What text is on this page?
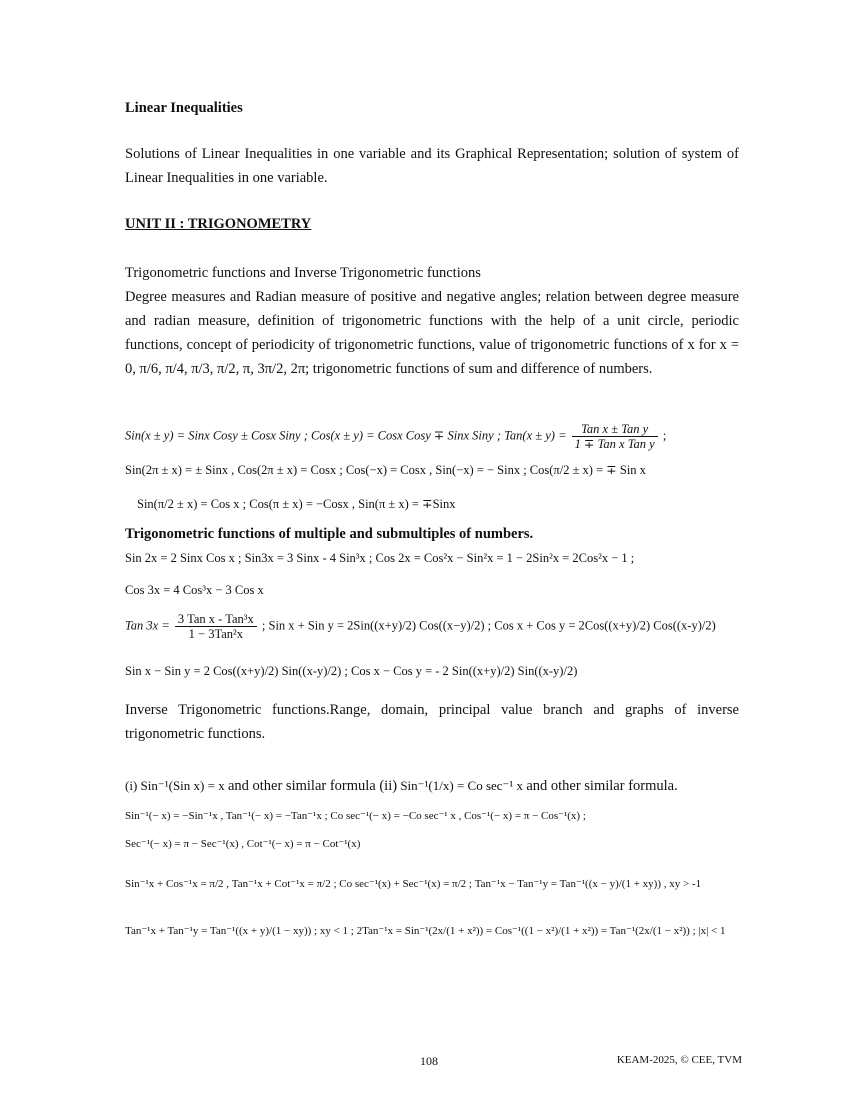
Linear Inequalities
Solutions of Linear Inequalities in one variable and its Graphical Representation; solution of system of Linear Inequalities in one variable.
UNIT II : TRIGONOMETRY
Trigonometric functions and Inverse Trigonometric functions
Degree measures and Radian measure of positive and negative angles; relation between degree measure and radian measure, definition of trigonometric functions with the help of a unit circle, periodic functions, concept of periodicity of trigonometric functions, value of trigonometric functions of x for x = 0, π/6, π/4, π/3, π/2, π, 3π/2, 2π; trigonometric functions of sum and difference of numbers.
Sin(x ± y) = Sinx Cosy ± Cosx Siny ; Cos(x ± y) = Cosx Cosy ∓ Sinx Siny ; $Tan(x \pm y) = \frac{\text{Tan x ± Tan y}}{\text{1 ∓ Tan x Tan y}}$ ;
Sin(2π ± x) = ± Sinx , Cos(2π ± x) = Cosx ; Cos(−x) = Cosx , Sin(−x) = − Sinx ; Cos(π/2 ± x) = ∓ Sin x
Sin(π/2 ± x) = Cos x ; Cos(π ± x) = −Cosx , Sin(π ± x) = ∓Sinx
Trigonometric functions of multiple and submultiples of numbers.
Sin 2x = 2 Sinx Cos x ; Sin3x = 3 Sinx - 4 Sin³x ; Cos 2x = Cos²x − Sin²x = 1 − 2Sin²x = 2Cos²x − 1 ;
Cos 3x = 4 Cos³x − 3 Cos x
Tan $3x = \frac{\text{3 Tan x - Tan³x}}{\text{1 − 3Tan²x}}$ ; Sin x + Sin y = 2Sin((x+y)/2) Cos((x−y)/2) ; Cos x + Cos y = 2Cos((x+y)/2) Cos((x-y)/2)
Sin x − Sin y = 2 Cos((x+y)/2) Sin((x-y)/2) ; Cos x − Cos y = - 2 Sin((x+y)/2) Sin((x-y)/2)
Inverse Trigonometric functions.Range, domain, principal value branch and graphs of inverse trigonometric functions.
(i) Sin⁻¹(Sin x) = x and other similar formula (ii) Sin⁻¹(1/x) = Co sec⁻¹ x and other similar formula.
Sin⁻¹(− x) = −Sin⁻¹x , Tan⁻¹(− x) = −Tan⁻¹x ; Co sec⁻¹(− x) = −Co sec⁻¹ x , Cos⁻¹(− x) = π − Cos⁻¹(x) ;
Sec⁻¹(− x) = π − Sec⁻¹(x) , Cot⁻¹(− x) = π − Cot⁻¹(x)
Sin⁻¹x + Cos⁻¹x = π/2 , Tan⁻¹x + Cot⁻¹x = π/2 ; Co sec⁻¹(x) + Sec⁻¹(x) = π/2 ; Tan⁻¹x − Tan⁻¹y = Tan⁻¹((x − y)/(1 + xy)) , xy > -1
Tan⁻¹x + Tan⁻¹y = Tan⁻¹((x + y)/(1 − xy)) ; xy < 1 ; 2Tan⁻¹x = Sin⁻¹(2x/(1 + x²)) = Cos⁻¹((1 − x²)/(1 + x²)) = Tan⁻¹(2x/(1 − x²)) ; |x| < 1
108	KEAM-2025, © CEE, TVM
